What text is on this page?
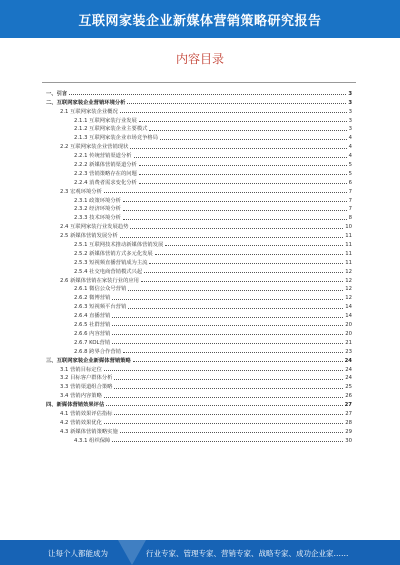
互联网家装企业新媒体营销策略研究报告
内容目录
一、引言	3
二、互联网家装企业营销环境分析	3
2.1 互联网家装企业概况	3
2.1.1 互联网家装行业发展	3
2.1.2 互联网家装企业主要模式	3
2.1.3 互联网家装企业市场竞争格局	4
2.2 互联网家装企业营销现状	4
2.2.1 传统营销渠道分析	4
2.2.2 新媒体营销渠道分析	5
2.2.3 营销策略存在的问题	5
2.2.4 消费者需求变化分析	6
2.3 宏观环境分析	7
2.3.1 政策环境分析	7
2.3.2 经济环境分析	7
2.3.3 技术环境分析	8
2.4 互联网家装行业发展趋势	10
2.5 新媒体营销发展分析	11
2.5.1 互联网技术推动新媒体营销发展	11
2.5.2 新媒体营销方式多元化发展	11
2.5.3 短视频直播营销成为主流	11
2.5.4 社交电商营销模式兴起	12
2.6 新媒体营销在家装行业的应用	12
2.6.1 微信公众号营销	12
2.6.2 微博营销	12
2.6.3 短视频平台营销	14
2.6.4 直播营销	14
2.6.5 社群营销	20
2.6.6 内容营销	20
2.6.7 KOL营销	21
2.6.8 跨界合作营销	23
三、互联网家装企业新媒体营销策略	24
3.1 营销目标定位	24
3.2 目标客户群体分析	24
3.3 营销渠道组合策略	25
3.4 营销内容策略	26
四、新媒体营销效果评估	27
4.1 营销效果评估指标	27
4.2 营销效果优化	28
4.3 新媒体营销策略实施	29
4.3.1 组织保障	30
让每个人都能成为	行业专家、管理专家、营销专家、战略专家、成功企业家……
